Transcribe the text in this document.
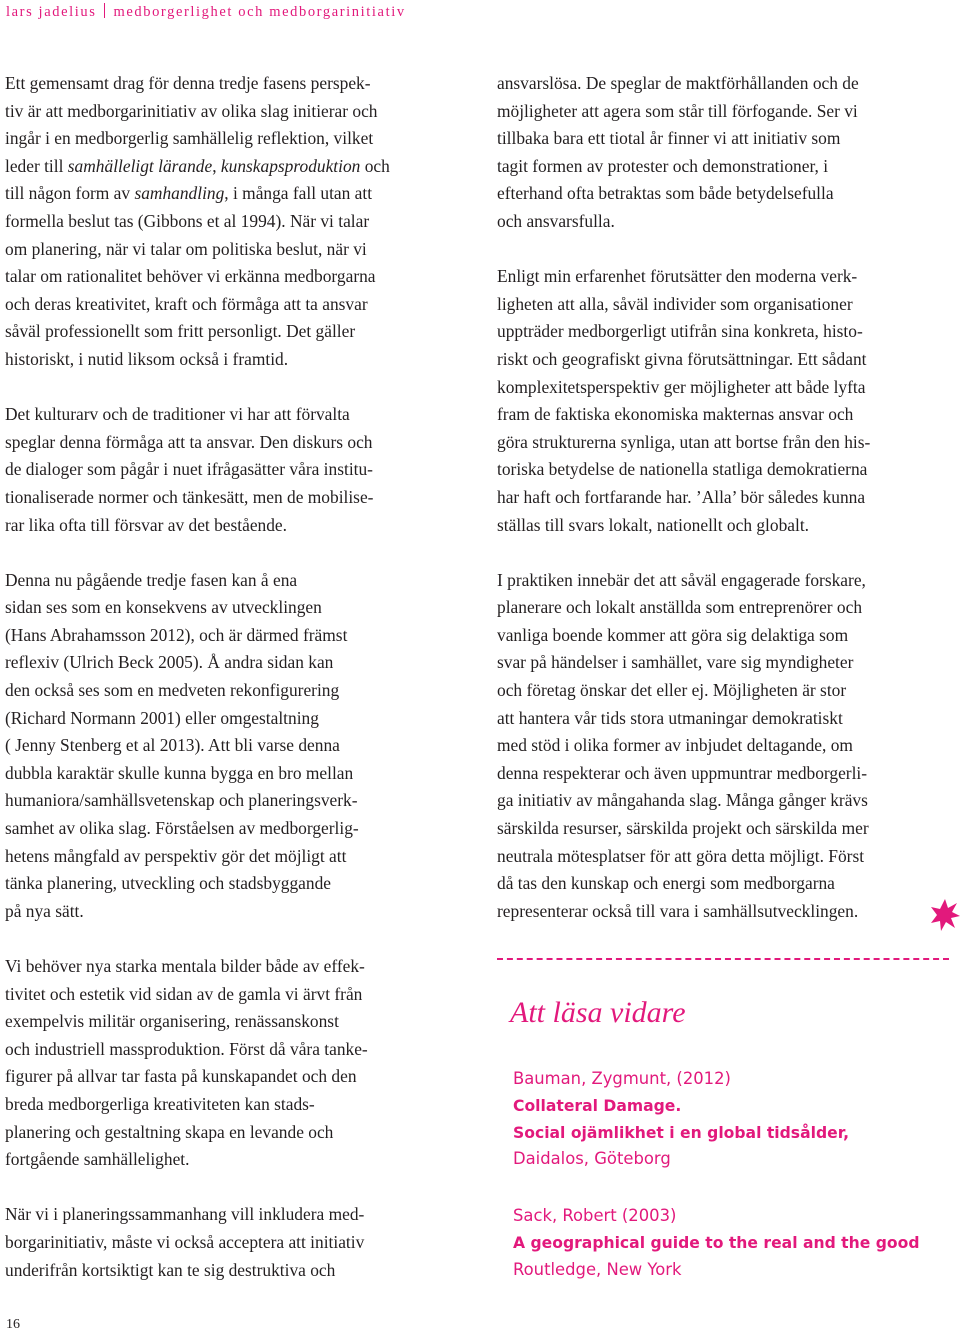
lars jadelius medborgerlighet och medborgarinitiativ

Ett gemensamt drag för denna tredje fasens perspek-
tiv är att medborgarinitiativ av olika slag initierar och
ingår i en medborgerlig samhällelig reflektion, vilket
leder till samhälleligt lärande, kunskapsproduktion och
till någon form av samhandling, i många fall utan att
formella beslut tas (Gibbons et al 1994). När vi talar
om planering, när vi talar om politiska beslut, när vi
talar om rationalitet behöver vi erkänna medborgarna
och deras kreativitet, kraft och förmåga att ta ansvar
såväl professionellt som fritt personligt. Det gäller
historiskt, i nutid liksom också i framtid.

Det kulturarv och de traditioner vi har att förvalta
speglar denna förmåga att ta ansvar. Den diskurs och
de dialoger som pågår i nuet ifrågasätter våra institu-
tionaliserade normer och tänkesätt, men de mobilise-
rar lika ofta till försvar av det bestående.

Denna nu pågående tredje fasen kan å ena
sidan ses som en konsekvens av utvecklingen
(Hans Abrahamsson 2012), och är därmed främst
reflexiv (Ulrich Beck 2005). Å andra sidan kan
den också ses som en medveten rekonfigurering
(Richard Normann 2001) eller omgestaltning
( Jenny Stenberg et al 2013). Att bli varse denna
dubbla karaktär skulle kunna bygga en bro mellan
humaniora/samhällsvetenskap och planeringsverk-
samhet av olika slag. Förståelsen av medborgerlig-
hetens mångfald av perspektiv gör det möjligt att
tänka planering, utveckling och stadsbyggande
på nya sätt.

Vi behöver nya starka mentala bilder både av effek-
tivitet och estetik vid sidan av de gamla vi ärvt från
exempelvis militär organisering, renässanskonst
och industriell massproduktion. Först då våra tanke-
figurer på allvar tar fasta på kunskapandet och den
breda medborgerliga kreativiteten kan stads-
planering och gestaltning skapa en levande och
fortgående samhällelighet.

När vi i planeringssammanhang vill inkludera med-
borgarinitiativ, måste vi också acceptera att initiativ
underifrån kortsiktigt kan te sig destruktiva och

ansvarslösa. De speglar de maktförhållanden och de
möjligheter att agera som står till förfogande. Ser vi
tillbaka bara ett tiotal år finner vi att initiativ som
tagit formen av protester och demonstrationer, i
efterhand ofta betraktas som både betydelsefulla
och ansvarsfulla.

Enligt min erfarenhet förutsätter den moderna verk-
ligheten att alla, såväl individer som organisationer
uppträder medborgerligt utifrån sina konkreta, histo-
riskt och geografiskt givna förutsättningar. Ett sådant
komplexitetsperspektiv ger möjligheter att både lyfta
fram de faktiska ekonomiska makternas ansvar och
göra strukturerna synliga, utan att bortse från den his-
toriska betydelse de nationella statliga demokratierna
har haft och fortfarande har. ’Alla’ bör således kunna
ställas till svars lokalt, nationellt och globalt.

I praktiken innebär det att såväl engagerade forskare,
planerare och lokalt anställda som entreprenörer och
vanliga boende kommer att göra sig delaktiga som
svar på händelser i samhället, vare sig myndigheter
och företag önskar det eller ej. Möjligheten är stor
att hantera vår tids stora utmaningar demokratiskt
med stöd i olika former av inbjudet deltagande, om
denna respekterar och även uppmuntrar medborgerli-
ga initiativ av mångahanda slag. Många gånger krävs
särskilda resurser, särskilda projekt och särskilda mer
neutrala mötesplatser för att göra detta möjligt. Först
då tas den kunskap och energi som medborgarna
representerar också till vara i samhällsutvecklingen.

Att läsa vidare
Bauman, Zygmunt, (2012)
Collateral Damage.
Social ojämlikhet i en global tidsålder,
Daidalos, Göteborg
Sack, Robert (2003)
A geographical guide to the real and the good
Routledge, New York
16
